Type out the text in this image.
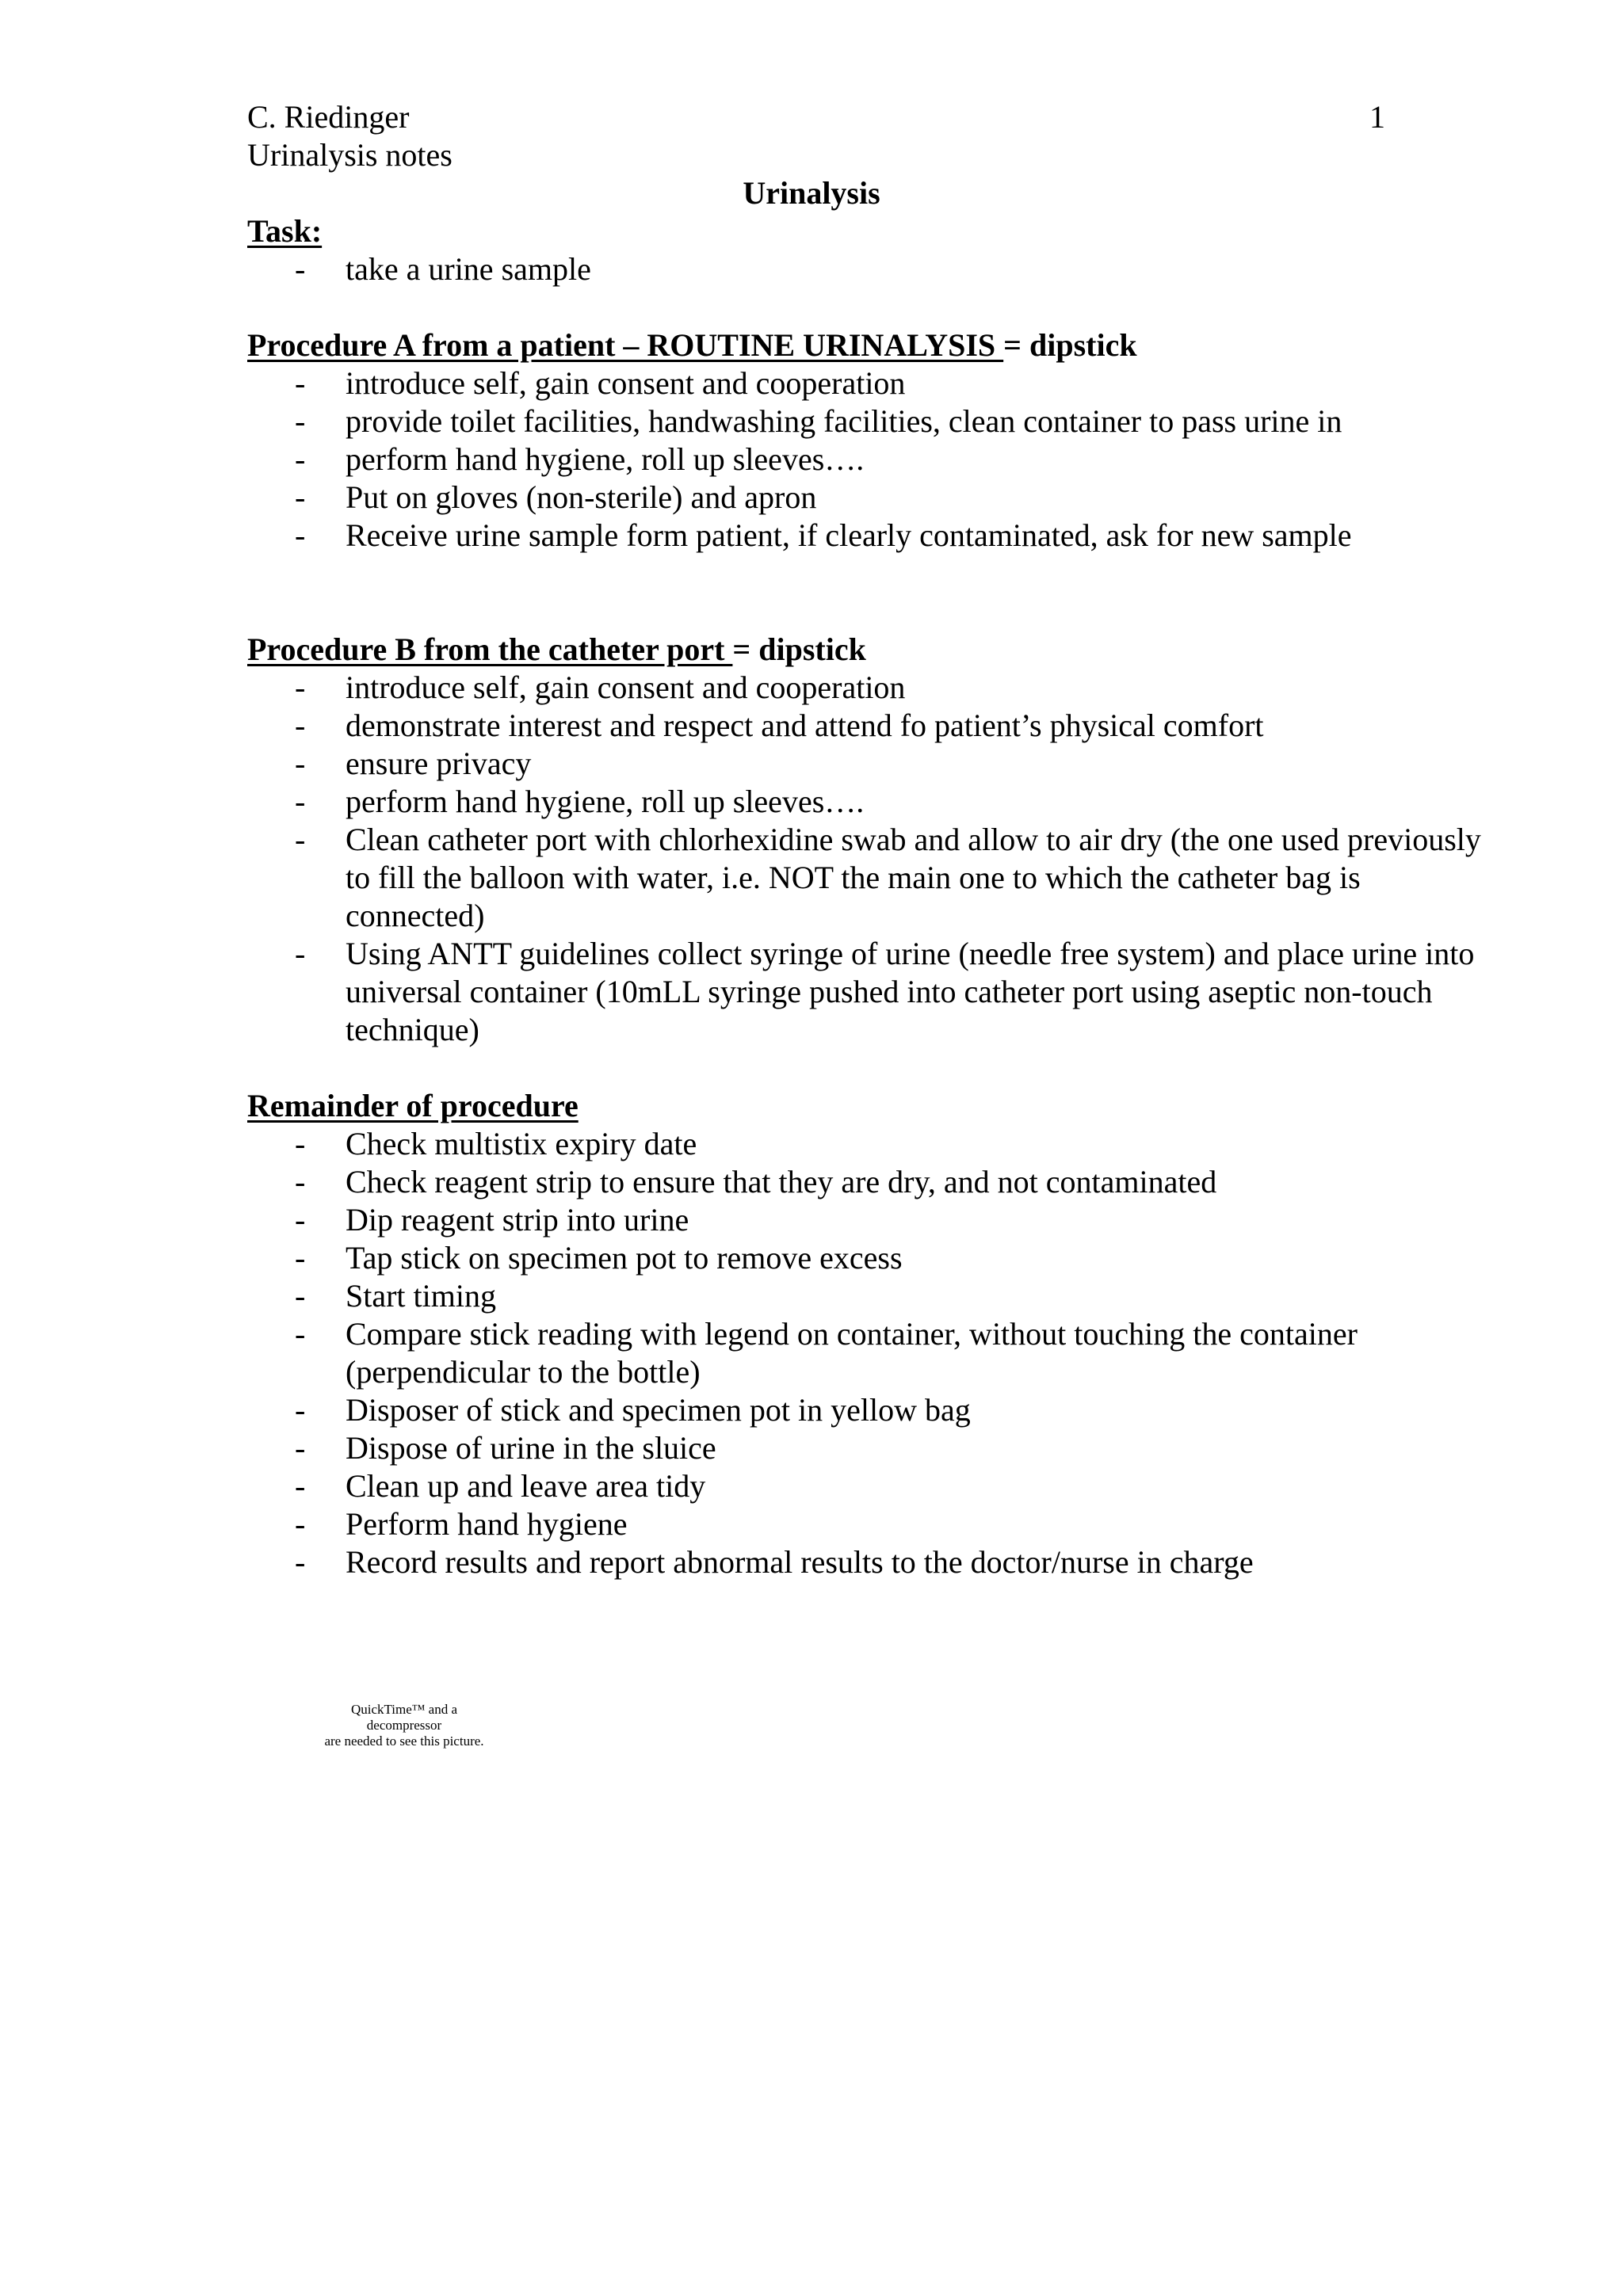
C. Riedinger	1
Urinalysis notes
Urinalysis
Task:
- take a urine sample
Procedure A from a patient – ROUTINE URINALYSIS = dipstick
- introduce self, gain consent and cooperation
- provide toilet facilities, handwashing facilities, clean container to pass urine in
- perform hand hygiene, roll up sleeves….
- Put on gloves (non-sterile) and apron
- Receive urine sample form patient, if clearly contaminated, ask for new sample
Procedure B from the catheter port = dipstick
- introduce self, gain consent and cooperation
- demonstrate interest and respect and attend fo patient’s physical comfort
- ensure privacy
- perform hand hygiene, roll up sleeves….
- Clean catheter port with chlorhexidine swab and allow to air dry (the one used previously to fill the balloon with water, i.e. NOT the main one to which the catheter bag is connected)
- Using ANTT guidelines collect syringe of urine (needle free system) and place urine into universal container (10mLL syringe pushed into catheter port using aseptic non-touch technique)
Remainder of procedure
- Check multistix expiry date
- Check reagent strip to ensure that they are dry, and not contaminated
- Dip reagent strip into urine
- Tap stick on specimen pot to remove excess
- Start timing
- Compare stick reading with legend on container, without touching the container (perpendicular to the bottle)
- Disposer of stick and specimen pot in yellow bag
- Dispose of urine in the sluice
- Clean up and leave area tidy
- Perform hand hygiene
- Record results and report abnormal results to the doctor/nurse in charge
QuickTime™ and a
decompressor
are needed to see this picture.
